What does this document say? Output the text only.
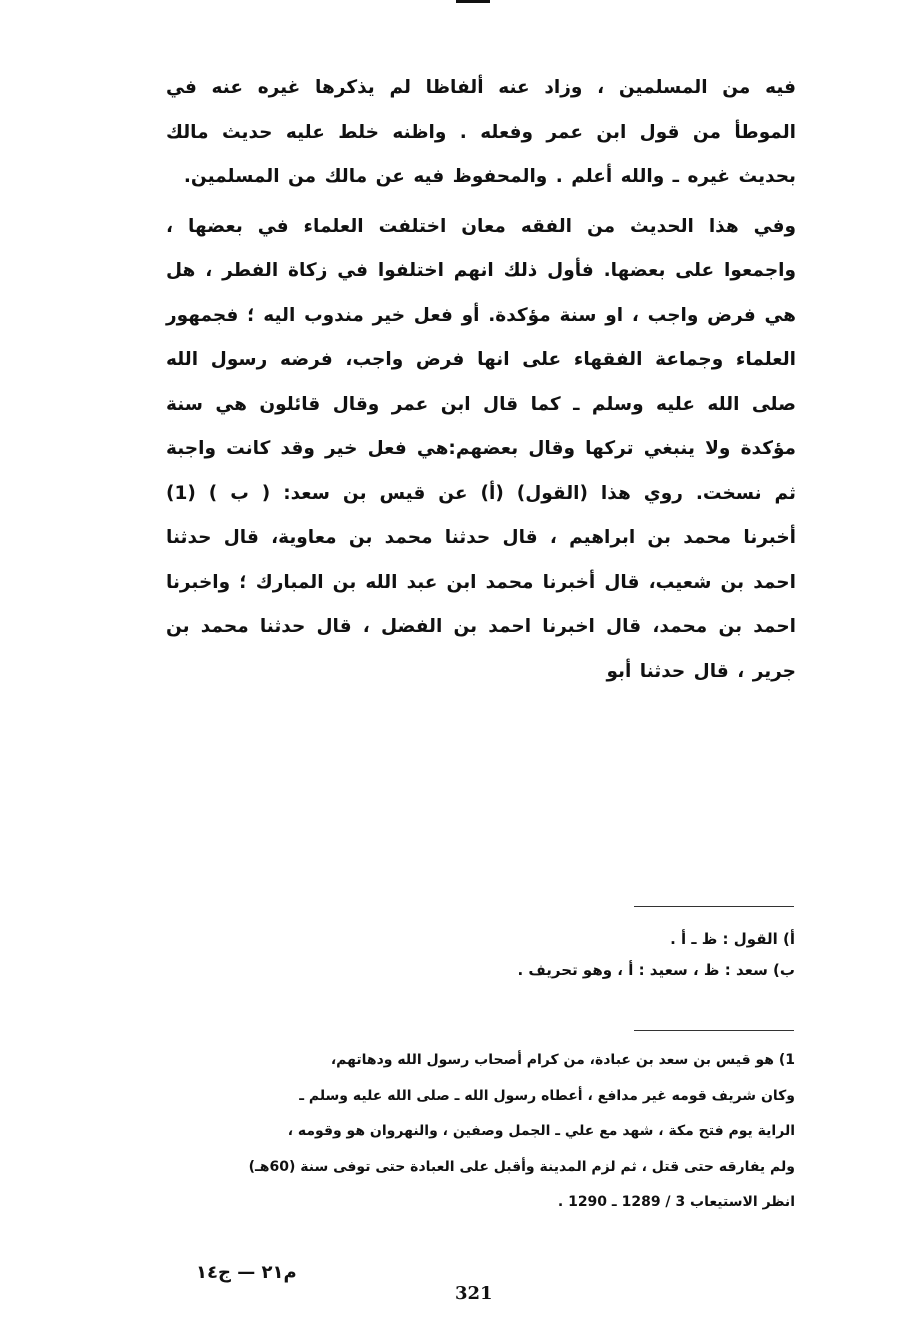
فيه من المسلمين ، وزاد عنه ألفاظا لم يذكرها غيره عنه في الموطأ من قول ابن عمر وفعله . واظنه خلط عليه حديث مالك بحديث غيره ـ والله أعلم . والمحفوظ فيه عن مالك من المسلمين.

وفي هذا الحديث من الفقه معان اختلفت العلماء في بعضها ، واجمعوا على بعضها. فأول ذلك انهم اختلفوا في زكاة الفطر ، هل هي فرض واجب ، او سنة مؤكدة. أو فعل خير مندوب اليه ؛ فجمهور العلماء وجماعة الفقهاء على انها فرض واجب، فرضه رسول الله صلى الله عليه وسلم ـ كما قال ابن عمر وقال قائلون هي سنة مؤكدة ولا ينبغي تركها وقال بعضهم:هي فعل خير وقد كانت واجبة ثم نسخت. روي هذا (القول) (أ) عن قيس بن سعد: ( ب ) (1) أخبرنا محمد بن ابراهيم ، قال حدثنا محمد بن معاوية، قال حدثنا احمد بن شعيب، قال أخبرنا محمد ابن عبد الله بن المبارك ؛ واخبرنا احمد بن محمد، قال اخبرنا احمد بن الفضل ، قال حدثنا محمد بن جرير ، قال حدثنا أبو

أ) القول : ظ ـ أ .

ب) سعد : ظ ، سعيد : أ ، وهو تحريف .

1) هو قيس بن سعد بن عبادة، من كرام أصحاب رسول الله ودهاتهم،

وكان شريف قومه غير مدافع ، أعطاه رسول الله ـ صلى الله عليه وسلم ـ

الراية يوم فتح مكة ، شهد مع علي ـ الجمل وصفين ، والنهروان هو وقومه ،

ولم يفارقه حتى قتل ، ثم لزم المدينة وأقبل على العبادة حتى توفى سنة (60هـ)

انظر الاستيعاب 3 / 1289 ـ 1290 .

م٢١ — ج١٤
321
